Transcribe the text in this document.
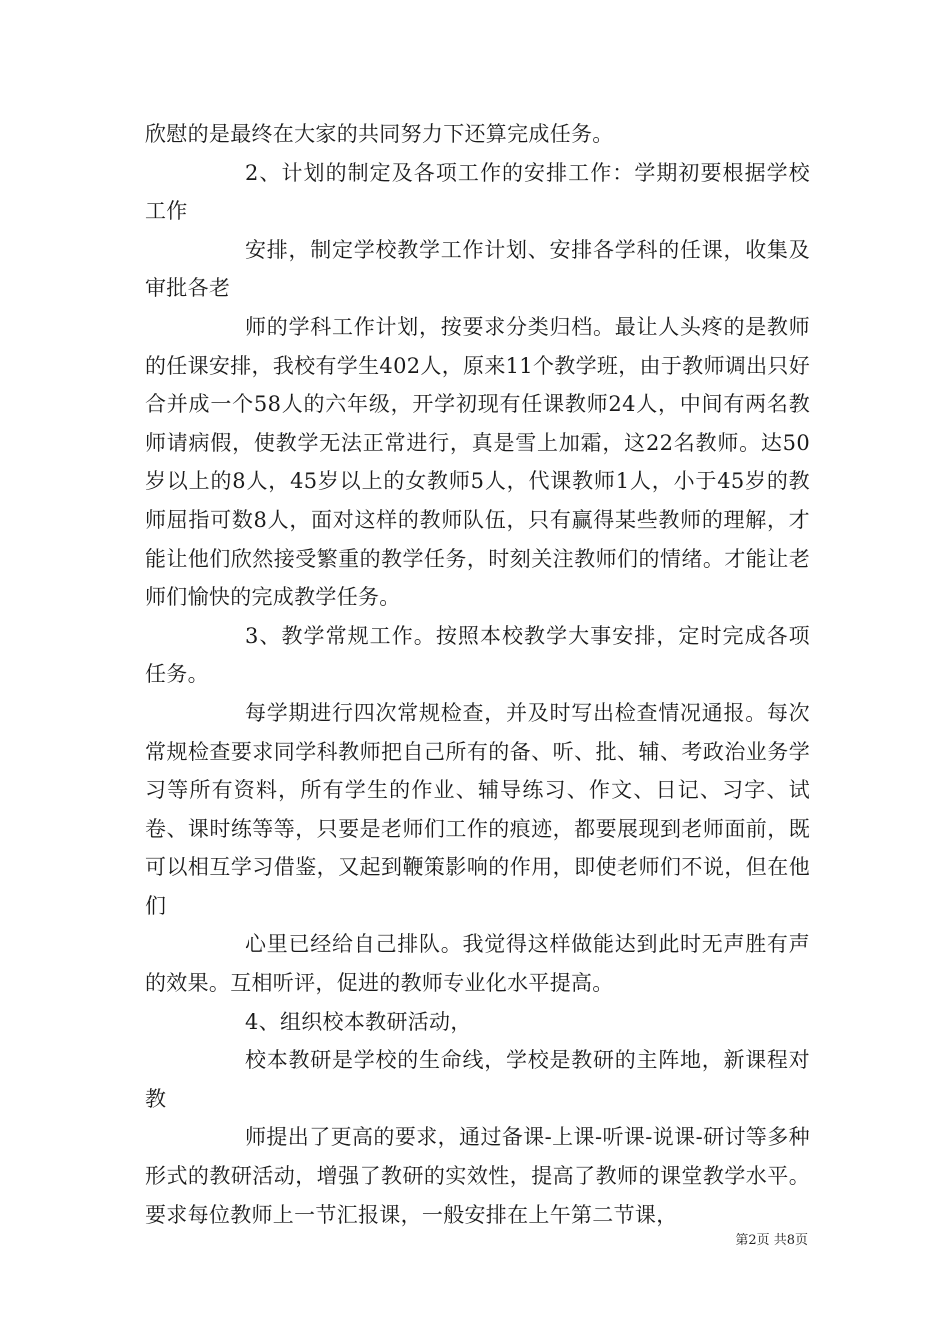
欣慰的是最终在大家的共同努力下还算完成任务。

2、计划的制定及各项工作的安排工作：学期初要根据学校工作

安排，制定学校教学工作计划、安排各学科的任课，收集及审批各老

师的学科工作计划，按要求分类归档。最让人头疼的是教师的任课安排，我校有学生402人，原来11个教学班，由于教师调出只好合并成一个58人的六年级，开学初现有任课教师24人，中间有两名教师请病假，使教学无法正常进行，真是雪上加霜，这22名教师。达50岁以上的8人，45岁以上的女教师5人，代课教师1人，小于45岁的教师屈指可数8人，面对这样的教师队伍，只有赢得某些教师的理解，才能让他们欣然接受繁重的教学任务，时刻关注教师们的情绪。才能让老师们愉快的完成教学任务。

3、教学常规工作。按照本校教学大事安排，定时完成各项任务。

每学期进行四次常规检查，并及时写出检查情况通报。每次常规检查要求同学科教师把自己所有的备、听、批、辅、考政治业务学习等所有资料，所有学生的作业、辅导练习、作文、日记、习字、试卷、课时练等等，只要是老师们工作的痕迹，都要展现到老师面前，既可以相互学习借鉴，又起到鞭策影响的作用，即使老师们不说，但在他们

心里已经给自己排队。我觉得这样做能达到此时无声胜有声的效果。互相听评，促进的教师专业化水平提高。

4、组织校本教研活动，

校本教研是学校的生命线，学校是教研的主阵地，新课程对教

师提出了更高的要求，通过备课-上课-听课-说课-研讨等多种形式的教研活动，增强了教研的实效性，提高了教师的课堂教学水平。要求每位教师上一节汇报课，一般安排在上午第二节课，

第2页 共8页
